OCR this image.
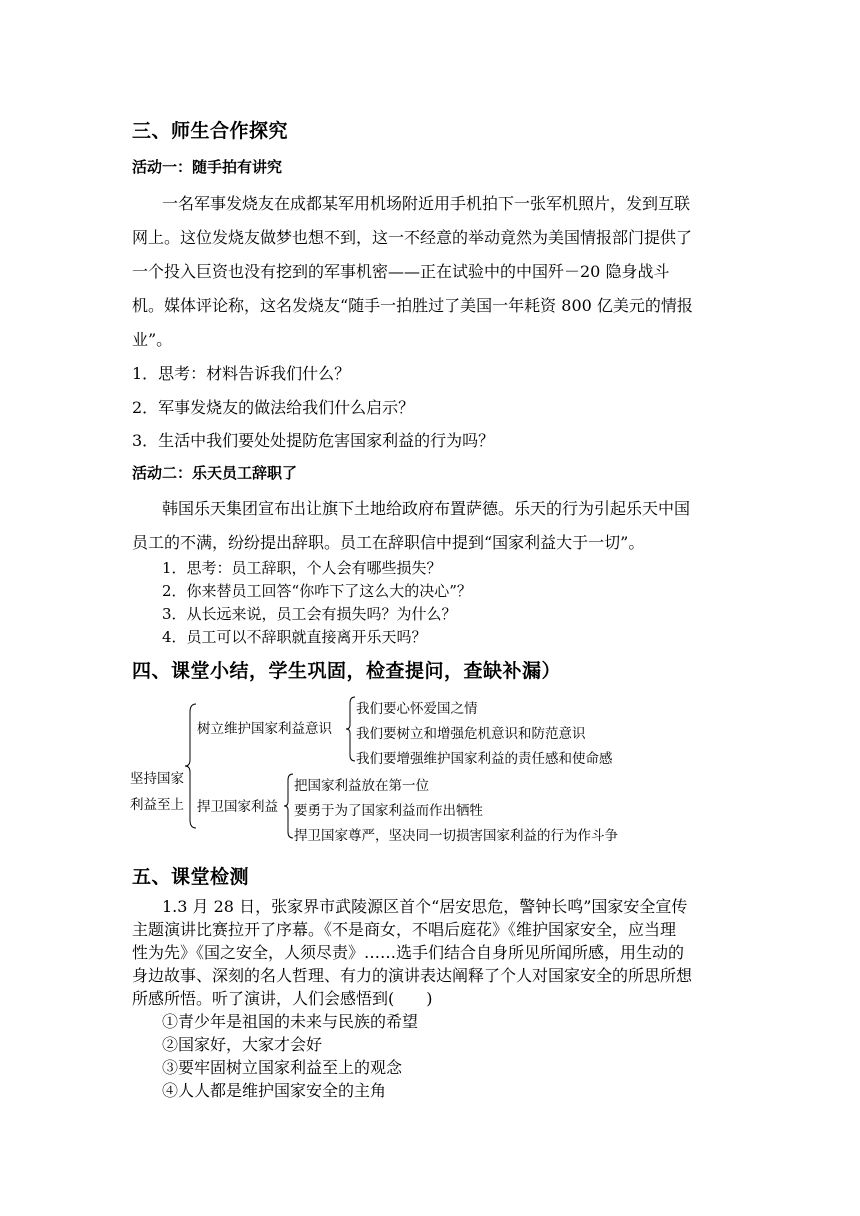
三、师生合作探究
活动一：随手拍有讲究
一名军事发烧友在成都某军用机场附近用手机拍下一张军机照片，发到互联
网上。这位发烧友做梦也想不到，这一不经意的举动竟然为美国情报部门提供了
一个投入巨资也没有挖到的军事机密——正在试验中的中国歼－20 隐身战斗
机。媒体评论称，这名发烧友“随手一拍胜过了美国一年耗资 800 亿美元的情报
业”。
1．思考：材料告诉我们什么？
2．军事发烧友的做法给我们什么启示？
3．生活中我们要处处提防危害国家利益的行为吗？
活动二：乐天员工辞职了
韩国乐天集团宣布出让旗下土地给政府布置萨德。乐天的行为引起乐天中国
员工的不满，纷纷提出辞职。员工在辞职信中提到“国家利益大于一切”。
1．思考：员工辞职，个人会有哪些损失？
2．你来替员工回答“你咋下了这么大的决心”？
3．从长远来说，员工会有损失吗？为什么？
4．员工可以不辞职就直接离开乐天吗？
四、课堂小结，学生巩固，检查提问，查缺补漏）
坚持国家
利益至上
树立维护国家利益意识
我们要心怀爱国之情
我们要树立和增强危机意识和防范意识
我们要增强维护国家利益的责任感和使命感
捍卫国家利益
把国家利益放在第一位
要勇于为了国家利益而作出牺牲
捍卫国家尊严，坚决同一切损害国家利益的行为作斗争
五、课堂检测
1.3 月 28 日，张家界市武陵源区首个“居安思危，警钟长鸣”国家安全宣传
主题演讲比赛拉开了序幕。《不是商女，不唱后庭花》《维护国家安全，应当理
性为先》《国之安全，人须尽责》……选手们结合自身所见所闻所感，用生动的
身边故事、深刻的名人哲理、有力的演讲表达阐释了个人对国家安全的所思所想
所感所悟。听了演讲，人们会感悟到(　　)
①青少年是祖国的未来与民族的希望
②国家好，大家才会好
③要牢固树立国家利益至上的观念
④人人都是维护国家安全的主角
